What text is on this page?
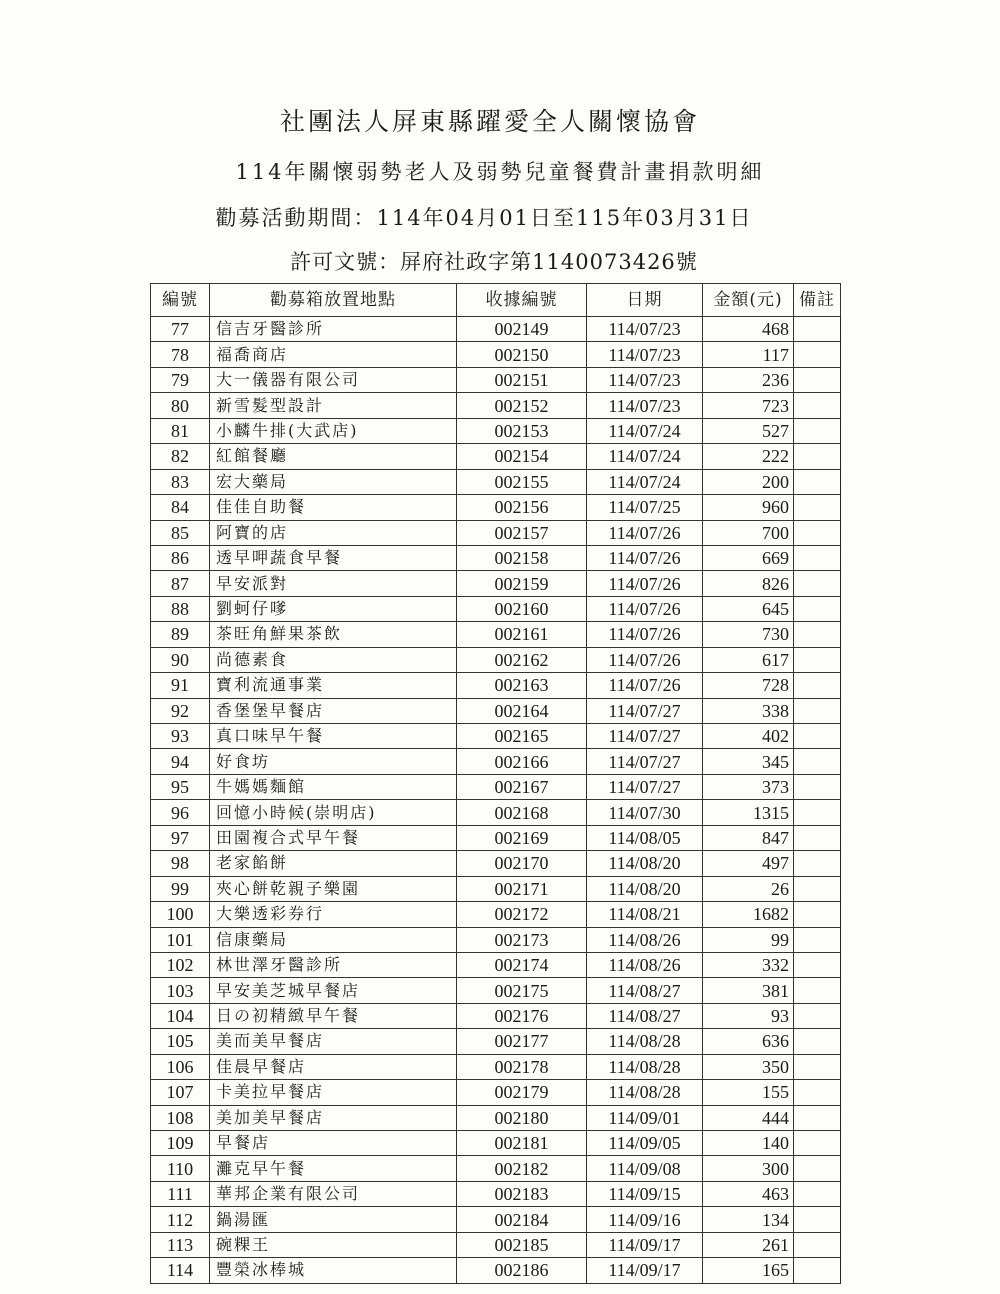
社團法人屏東縣躍愛全人關懷協會
114年關懷弱勢老人及弱勢兒童餐費計畫捐款明細
勸募活動期間：114年04月01日至115年03月31日
許可文號：屏府社政字第1140073426號
編號	勸募箱放置地點	收據編號	日期	金額(元)	備註
77	信吉牙醫診所	002149	114/07/23	468	
78	福喬商店	002150	114/07/23	117	
79	大一儀器有限公司	002151	114/07/23	236	
80	新雪髮型設計	002152	114/07/23	723	
81	小麟牛排(大武店)	002153	114/07/24	527	
82	紅館餐廳	002154	114/07/24	222	
83	宏大藥局	002155	114/07/24	200	
84	佳佳自助餐	002156	114/07/25	960	
85	阿寶的店	002157	114/07/26	700	
86	透早呷蔬食早餐	002158	114/07/26	669	
87	早安派對	002159	114/07/26	826	
88	劉蚵仔嗲	002160	114/07/26	645	
89	茶旺角鮮果茶飲	002161	114/07/26	730	
90	尚德素食	002162	114/07/26	617	
91	寶利流通事業	002163	114/07/26	728	
92	香堡堡早餐店	002164	114/07/27	338	
93	真口味早午餐	002165	114/07/27	402	
94	好食坊	002166	114/07/27	345	
95	牛媽媽麵館	002167	114/07/27	373	
96	回憶小時候(崇明店)	002168	114/07/30	1315	
97	田園複合式早午餐	002169	114/08/05	847	
98	老家餡餅	002170	114/08/20	497	
99	夾心餅乾親子樂園	002171	114/08/20	26	
100	大樂透彩券行	002172	114/08/21	1682	
101	信康藥局	002173	114/08/26	99	
102	林世澤牙醫診所	002174	114/08/26	332	
103	早安美芝城早餐店	002175	114/08/27	381	
104	日の初精緻早午餐	002176	114/08/27	93	
105	美而美早餐店	002177	114/08/28	636	
106	佳晨早餐店	002178	114/08/28	350	
107	卡美拉早餐店	002179	114/08/28	155	
108	美加美早餐店	002180	114/09/01	444	
109	早餐店	002181	114/09/05	140	
110	灘克早午餐	002182	114/09/08	300	
111	華邦企業有限公司	002183	114/09/15	463	
112	鍋湯匯	002184	114/09/16	134	
113	碗粿王	002185	114/09/17	261	
114	豐榮冰棒城	002186	114/09/17	165	
